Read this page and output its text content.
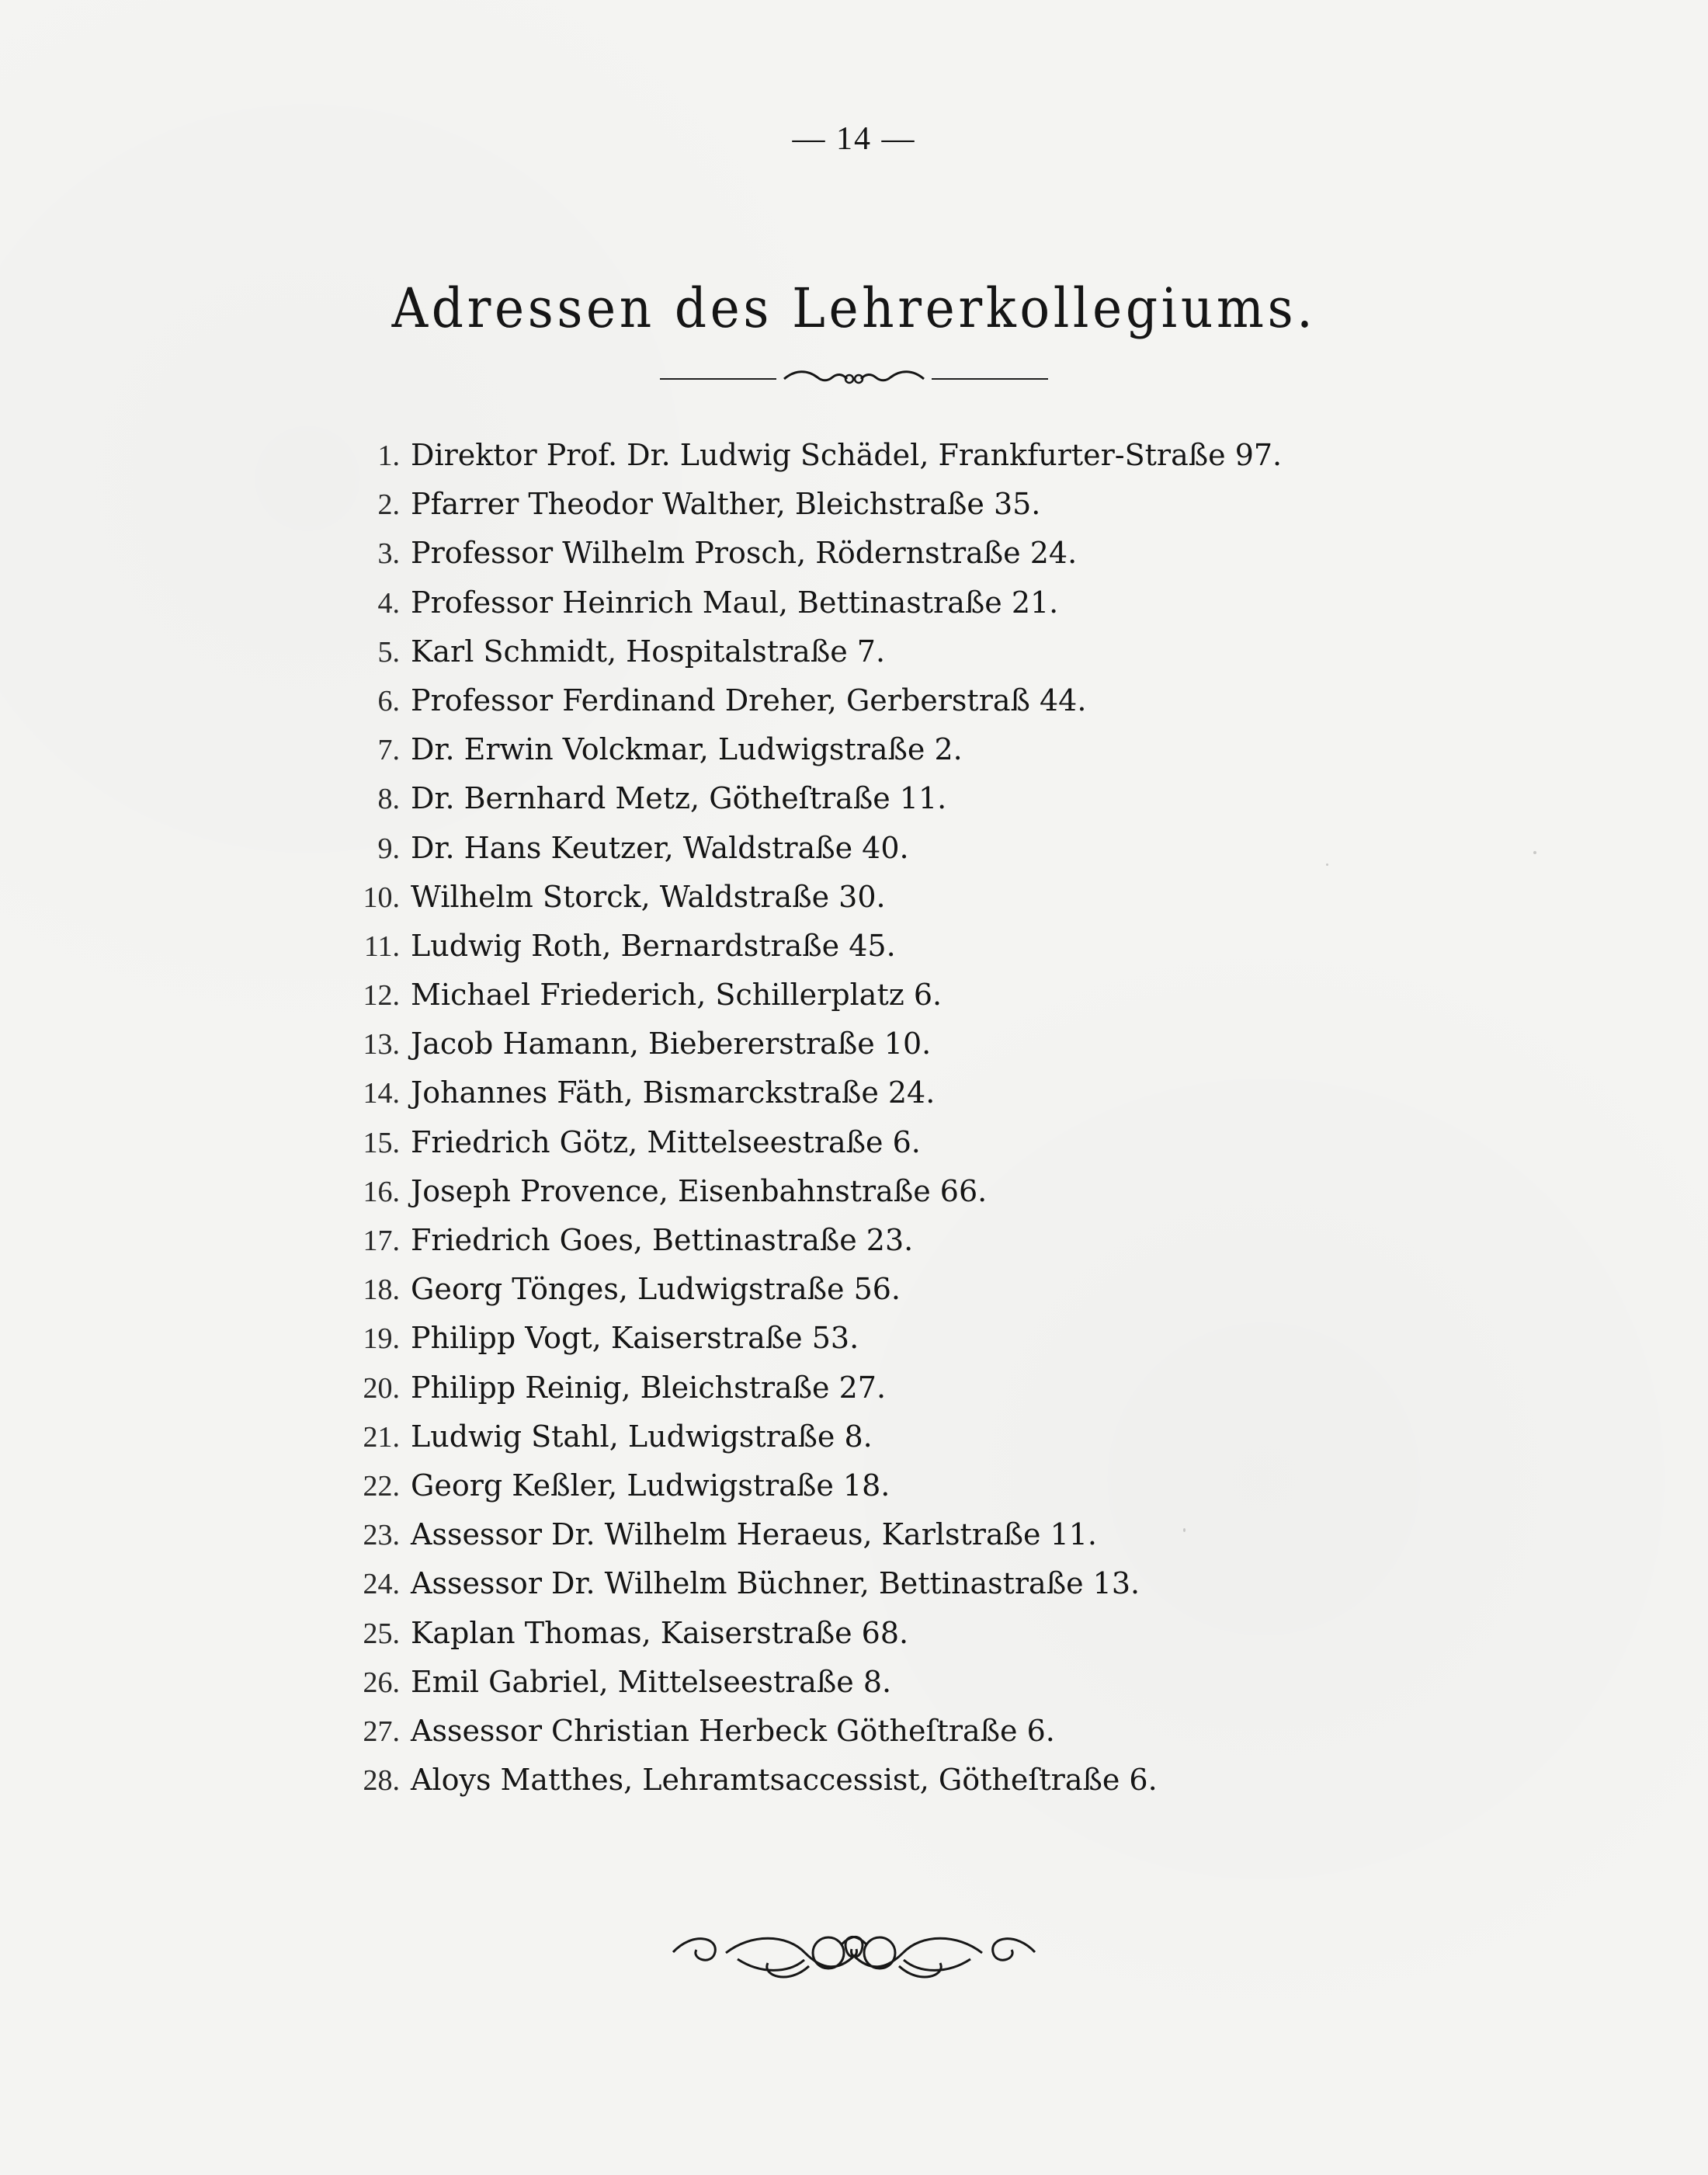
— 14 —
Adressen des Lehrerkollegiums.
1. Direktor Prof. Dr. Ludwig Schädel, Frankfurter-Straße 97.
2. Pfarrer Theodor Walther, Bleichstraße 35.
3. Professor Wilhelm Prosch, Rödernstraße 24.
4. Professor Heinrich Maul, Bettinastraße 21.
5. Karl Schmidt, Hospitalstraße 7.
6. Professor Ferdinand Dreher, Gerberstraß 44.
7. Dr. Erwin Volckmar, Ludwigstraße 2.
8. Dr. Bernhard Metz, Götheſtraße 11.
9. Dr. Hans Keutzer, Waldstraße 40.
10. Wilhelm Storck, Waldstraße 30.
11. Ludwig Roth, Bernardstraße 45.
12. Michael Friederich, Schillerplatz 6.
13. Jacob Hamann, Biebererstraße 10.
14. Johannes Fäth, Bismarckstraße 24.
15. Friedrich Götz, Mittelseestraße 6.
16. Joseph Provence, Eisenbahnstraße 66.
17. Friedrich Goes, Bettinastraße 23.
18. Georg Tönges, Ludwigstraße 56.
19. Philipp Vogt, Kaiserstraße 53.
20. Philipp Reinig, Bleichstraße 27.
21. Ludwig Stahl, Ludwigstraße 8.
22. Georg Keßler, Ludwigstraße 18.
23. Assessor Dr. Wilhelm Heraeus, Karlstraße 11.
24. Assessor Dr. Wilhelm Büchner, Bettinastraße 13.
25. Kaplan Thomas, Kaiserstraße 68.
26. Emil Gabriel, Mittelseestraße 8.
27. Assessor Christian Herbeck Götheſtraße 6.
28. Aloys Matthes, Lehramtsaccessist, Götheſtraße 6.
